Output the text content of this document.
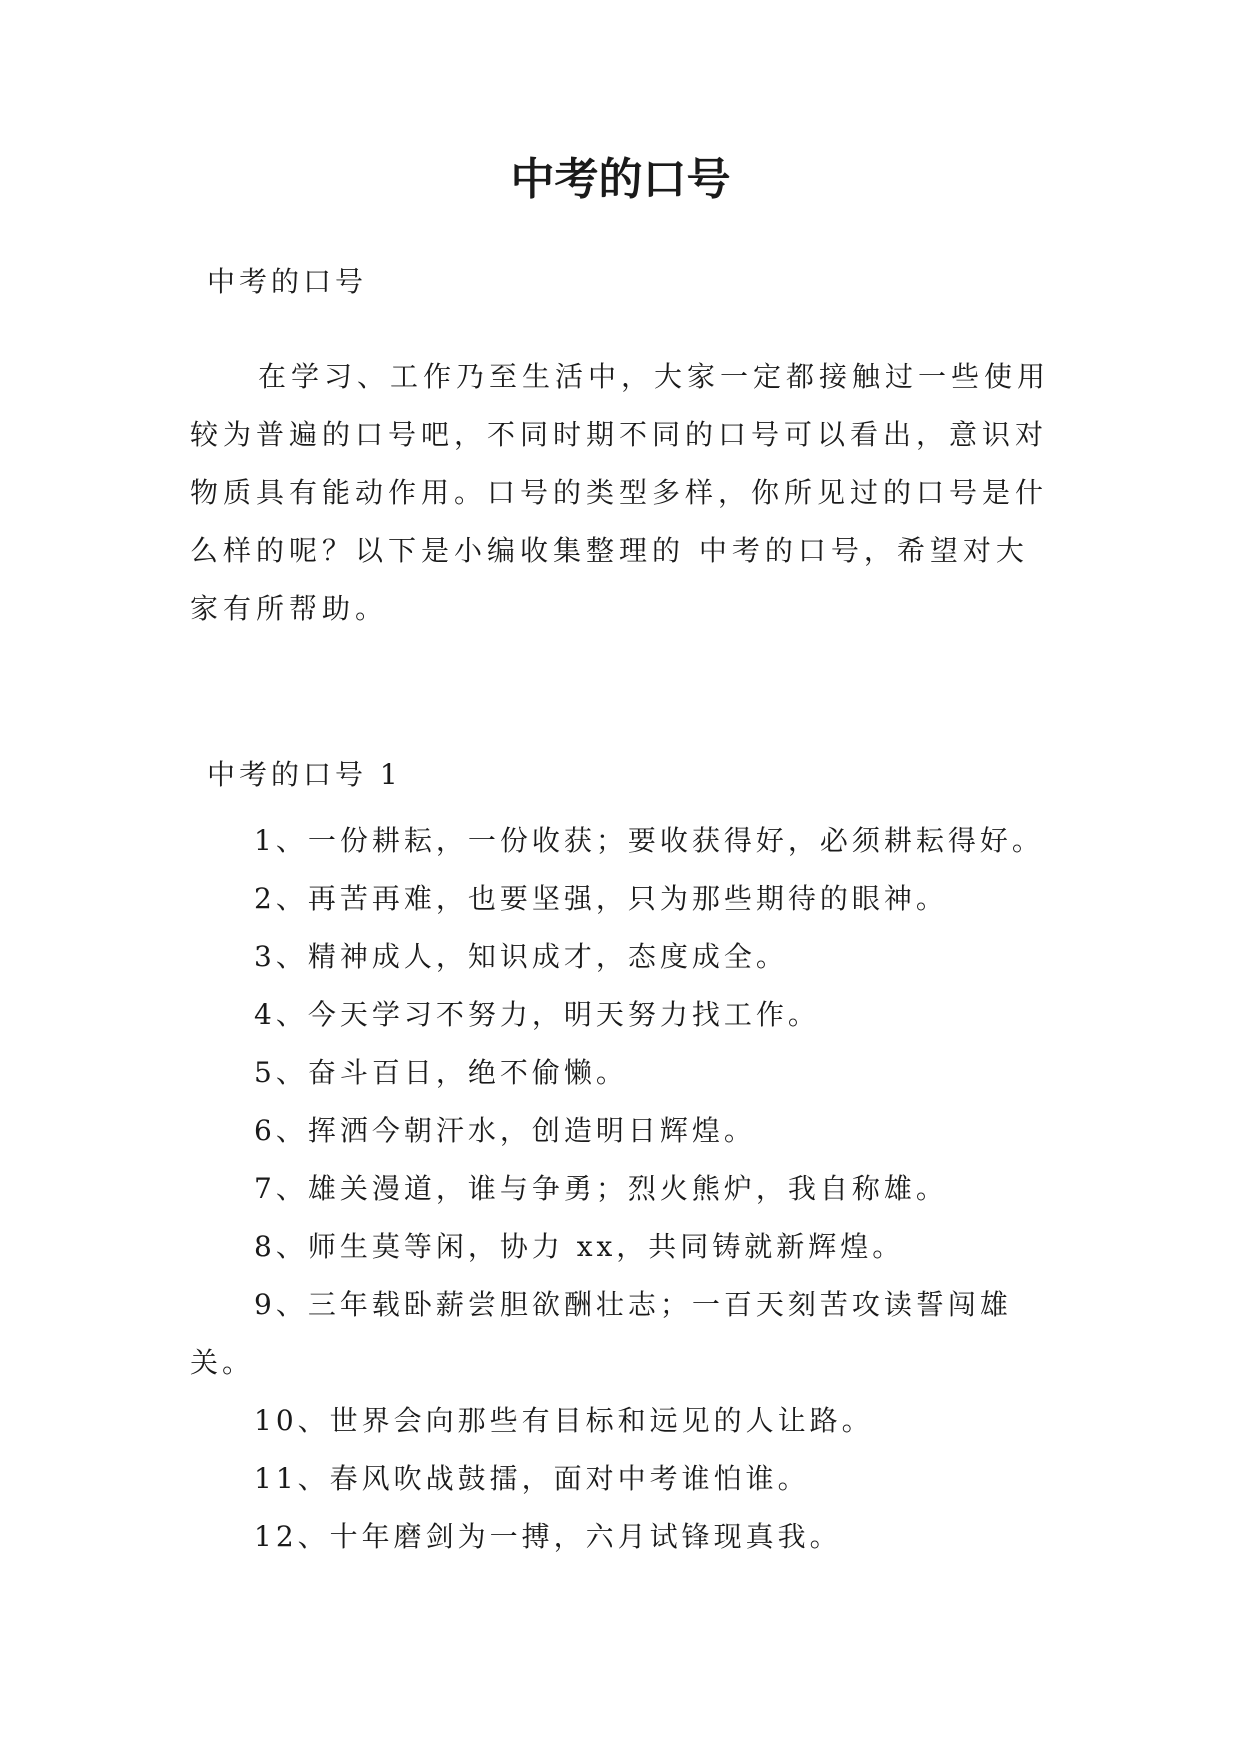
中考的口号

中考的口号

在学习、工作乃至生活中，大家一定都接触过一些使用较为普遍的口号吧，不同时期不同的口号可以看出，意识对物质具有能动作用。口号的类型多样，你所见过的口号是什么样的呢？以下是小编收集整理的 中考的口号，希望对大家有所帮助。

中考的口号 1

1、一份耕耘，一份收获；要收获得好，必须耕耘得好。
2、再苦再难，也要坚强，只为那些期待的眼神。
3、精神成人，知识成才，态度成全。
4、今天学习不努力，明天努力找工作。
5、奋斗百日，绝不偷懒。
6、挥洒今朝汗水，创造明日辉煌。
7、雄关漫道，谁与争勇；烈火熊炉，我自称雄。
8、师生莫等闲，协力 xx，共同铸就新辉煌。
9、三年载卧薪尝胆欲酬壮志；一百天刻苦攻读誓闯雄关。
10、世界会向那些有目标和远见的人让路。
11、春风吹战鼓擂，面对中考谁怕谁。
12、十年磨剑为一搏，六月试锋现真我。
